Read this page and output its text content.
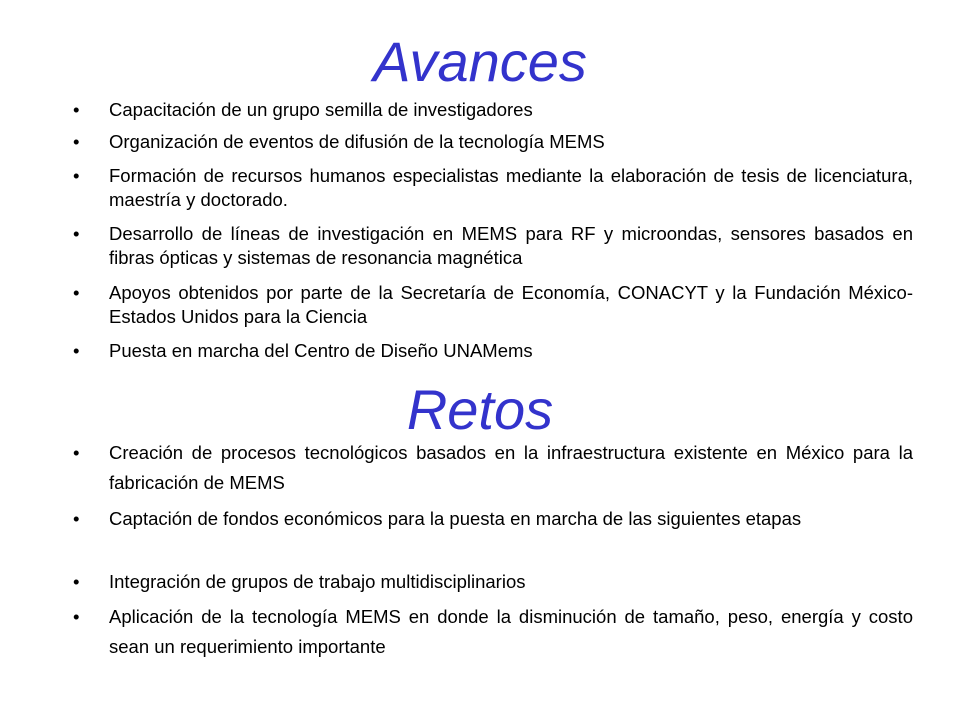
Avances
•	Capacitación de un grupo semilla de investigadores
•	Organización de eventos de difusión de la tecnología MEMS
•	Formación de recursos humanos especialistas mediante la elaboración de tesis de licenciatura, maestría y doctorado.
•	Desarrollo de líneas de investigación en MEMS para RF y microondas, sensores basados en fibras ópticas y sistemas de resonancia magnética
•	Apoyos obtenidos por parte de la Secretaría de Economía, CONACYT y la Fundación México-Estados Unidos para la Ciencia
•	Puesta en marcha del Centro de Diseño UNAMems
Retos
•	Creación de procesos tecnológicos basados en la infraestructura existente en México para la fabricación de MEMS
•	Captación de fondos económicos para la puesta en marcha de las siguientes etapas
•	Integración de grupos de trabajo multidisciplinarios
•	Aplicación de la tecnología MEMS en donde la disminución de tamaño, peso, energía y costo sean un requerimiento importante
